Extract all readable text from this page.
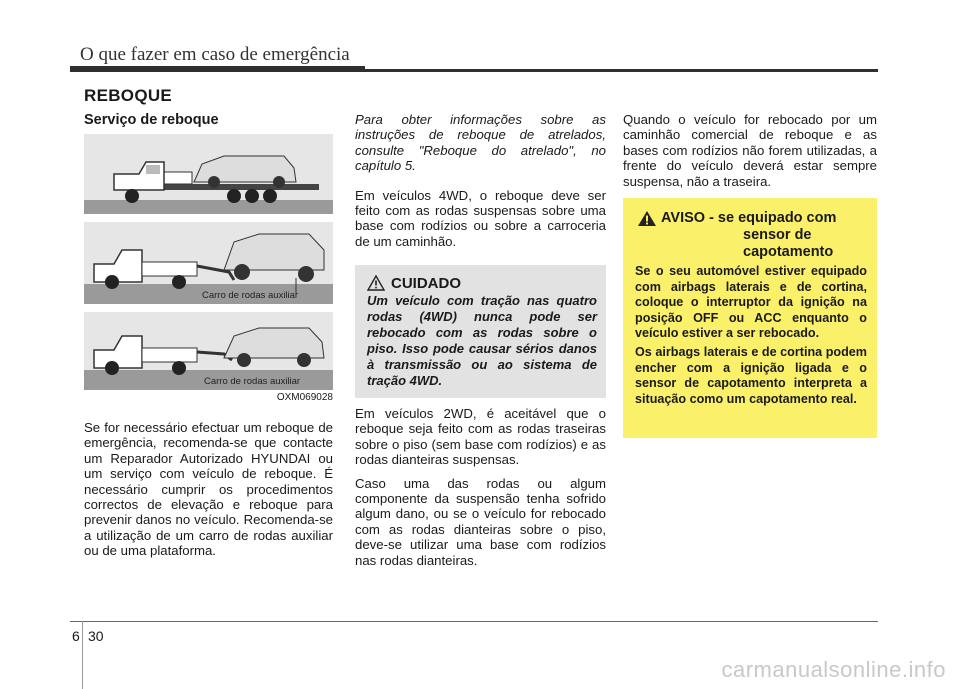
O que fazer em caso de emergência
REBOQUE
Serviço de reboque
Carro de rodas auxiliar
Carro de rodas auxiliar
OXM069028

Se for necessário efectuar um reboque de emergência, recomenda-se que contacte um Reparador Autorizado HYUNDAI ou um serviço com veículo de reboque. É necessário cumprir os procedimentos correctos de elevação e reboque para prevenir danos no veículo. Recomenda-se a utilização de um carro de rodas auxiliar ou de uma plataforma.

Para obter informações sobre as instruções de reboque de atrelados, consulte "Reboque do atrelado", no capítulo 5.

Em veículos 4WD, o reboque deve ser feito com as rodas suspensas sobre uma base com rodízios ou sobre a carroceria de um caminhão.

CUIDADO
Um veículo com tração nas quatro rodas (4WD) nunca pode ser rebocado com as rodas sobre o piso. Isso pode causar sérios danos à transmissão ou ao sistema de tração 4WD.

Em veículos 2WD, é aceitável que o reboque seja feito com as rodas traseiras sobre o piso (sem base com rodízios) e as rodas dianteiras suspensas.

Caso uma das rodas ou algum componente da suspensão tenha sofrido algum dano, ou se o veículo for rebocado com as rodas dianteiras sobre o piso, deve-se utilizar uma base com rodízios nas rodas dianteiras.

Quando o veículo for rebocado por um caminhão comercial de reboque e as bases com rodízios não forem utilizadas, a frente do veículo deverá estar sempre suspensa, não a traseira.

AVISO - se equipado com
sensor de
capotamento

Se o seu automóvel estiver equipado com airbags laterais e de cortina, coloque o interruptor da ignição na posição OFF ou ACC enquanto o veículo estiver a ser rebocado.

Os airbags laterais e de cortina podem encher com a ignição ligada e o sensor de capotamento interpreta a situação como um capotamento real.

6 30
carmanualsonline.info
